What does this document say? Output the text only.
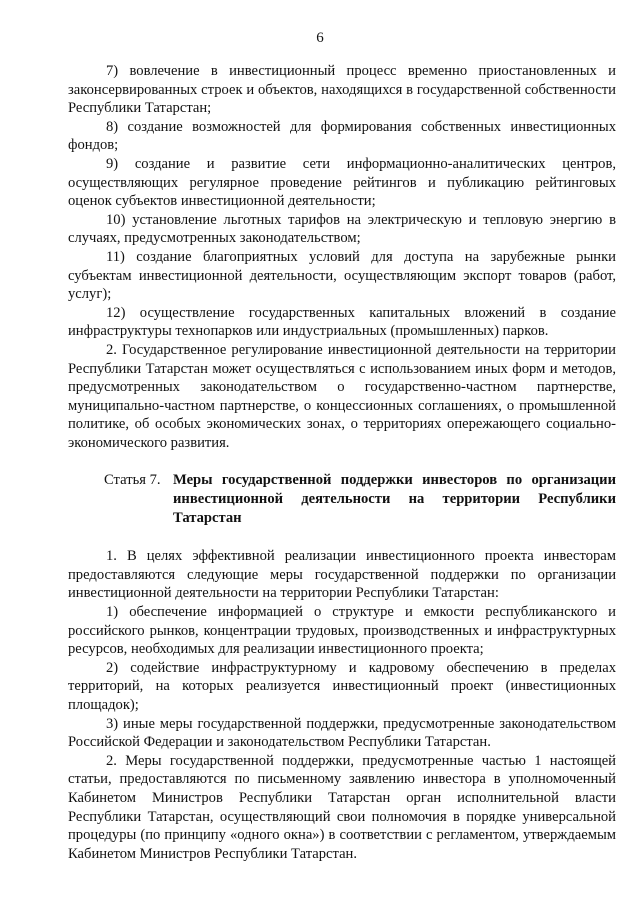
6

7) вовлечение в инвестиционный процесс временно приостановленных и законсервированных строек и объектов, находящихся в государственной собственности Республики Татарстан;

8) создание возможностей для формирования собственных инвестиционных фондов;

9) создание и развитие сети информационно-аналитических центров, осуществляющих регулярное проведение рейтингов и публикацию рейтинговых оценок субъектов инвестиционной деятельности;

10) установление льготных тарифов на электрическую и тепловую энергию в случаях, предусмотренных законодательством;

11) создание благоприятных условий для доступа на зарубежные рынки субъектам инвестиционной деятельности, осуществляющим экспорт товаров (работ, услуг);

12) осуществление государственных капитальных вложений в создание инфраструктуры технопарков или индустриальных (промышленных) парков.

2. Государственное регулирование инвестиционной деятельности на территории Республики Татарстан может осуществляться с использованием иных форм и методов, предусмотренных законодательством о государственно-частном партнерстве, муниципально-частном партнерстве, о концессионных соглашениях, о промышленной политике, об особых экономических зонах, о территориях опережающего социально-экономического развития.

Статья 7. Меры государственной поддержки инвесторов по организации инвестиционной деятельности на территории Республики Татарстан

1. В целях эффективной реализации инвестиционного проекта инвесторам предоставляются следующие меры государственной поддержки по организации инвестиционной деятельности на территории Республики Татарстан:

1) обеспечение информацией о структуре и емкости республиканского и российского рынков, концентрации трудовых, производственных и инфраструктурных ресурсов, необходимых для реализации инвестиционного проекта;

2) содействие инфраструктурному и кадровому обеспечению в пределах территорий, на которых реализуется инвестиционный проект (инвестиционных площадок);

3) иные меры государственной поддержки, предусмотренные законодательством Российской Федерации и законодательством Республики Татарстан.

2. Меры государственной поддержки, предусмотренные частью 1 настоящей статьи, предоставляются по письменному заявлению инвестора в уполномоченный Кабинетом Министров Республики Татарстан орган исполнительной власти Республики Татарстан, осуществляющий свои полномочия в порядке универсальной процедуры (по принципу «одного окна») в соответствии с регламентом, утверждаемым Кабинетом Министров Республики Татарстан.
